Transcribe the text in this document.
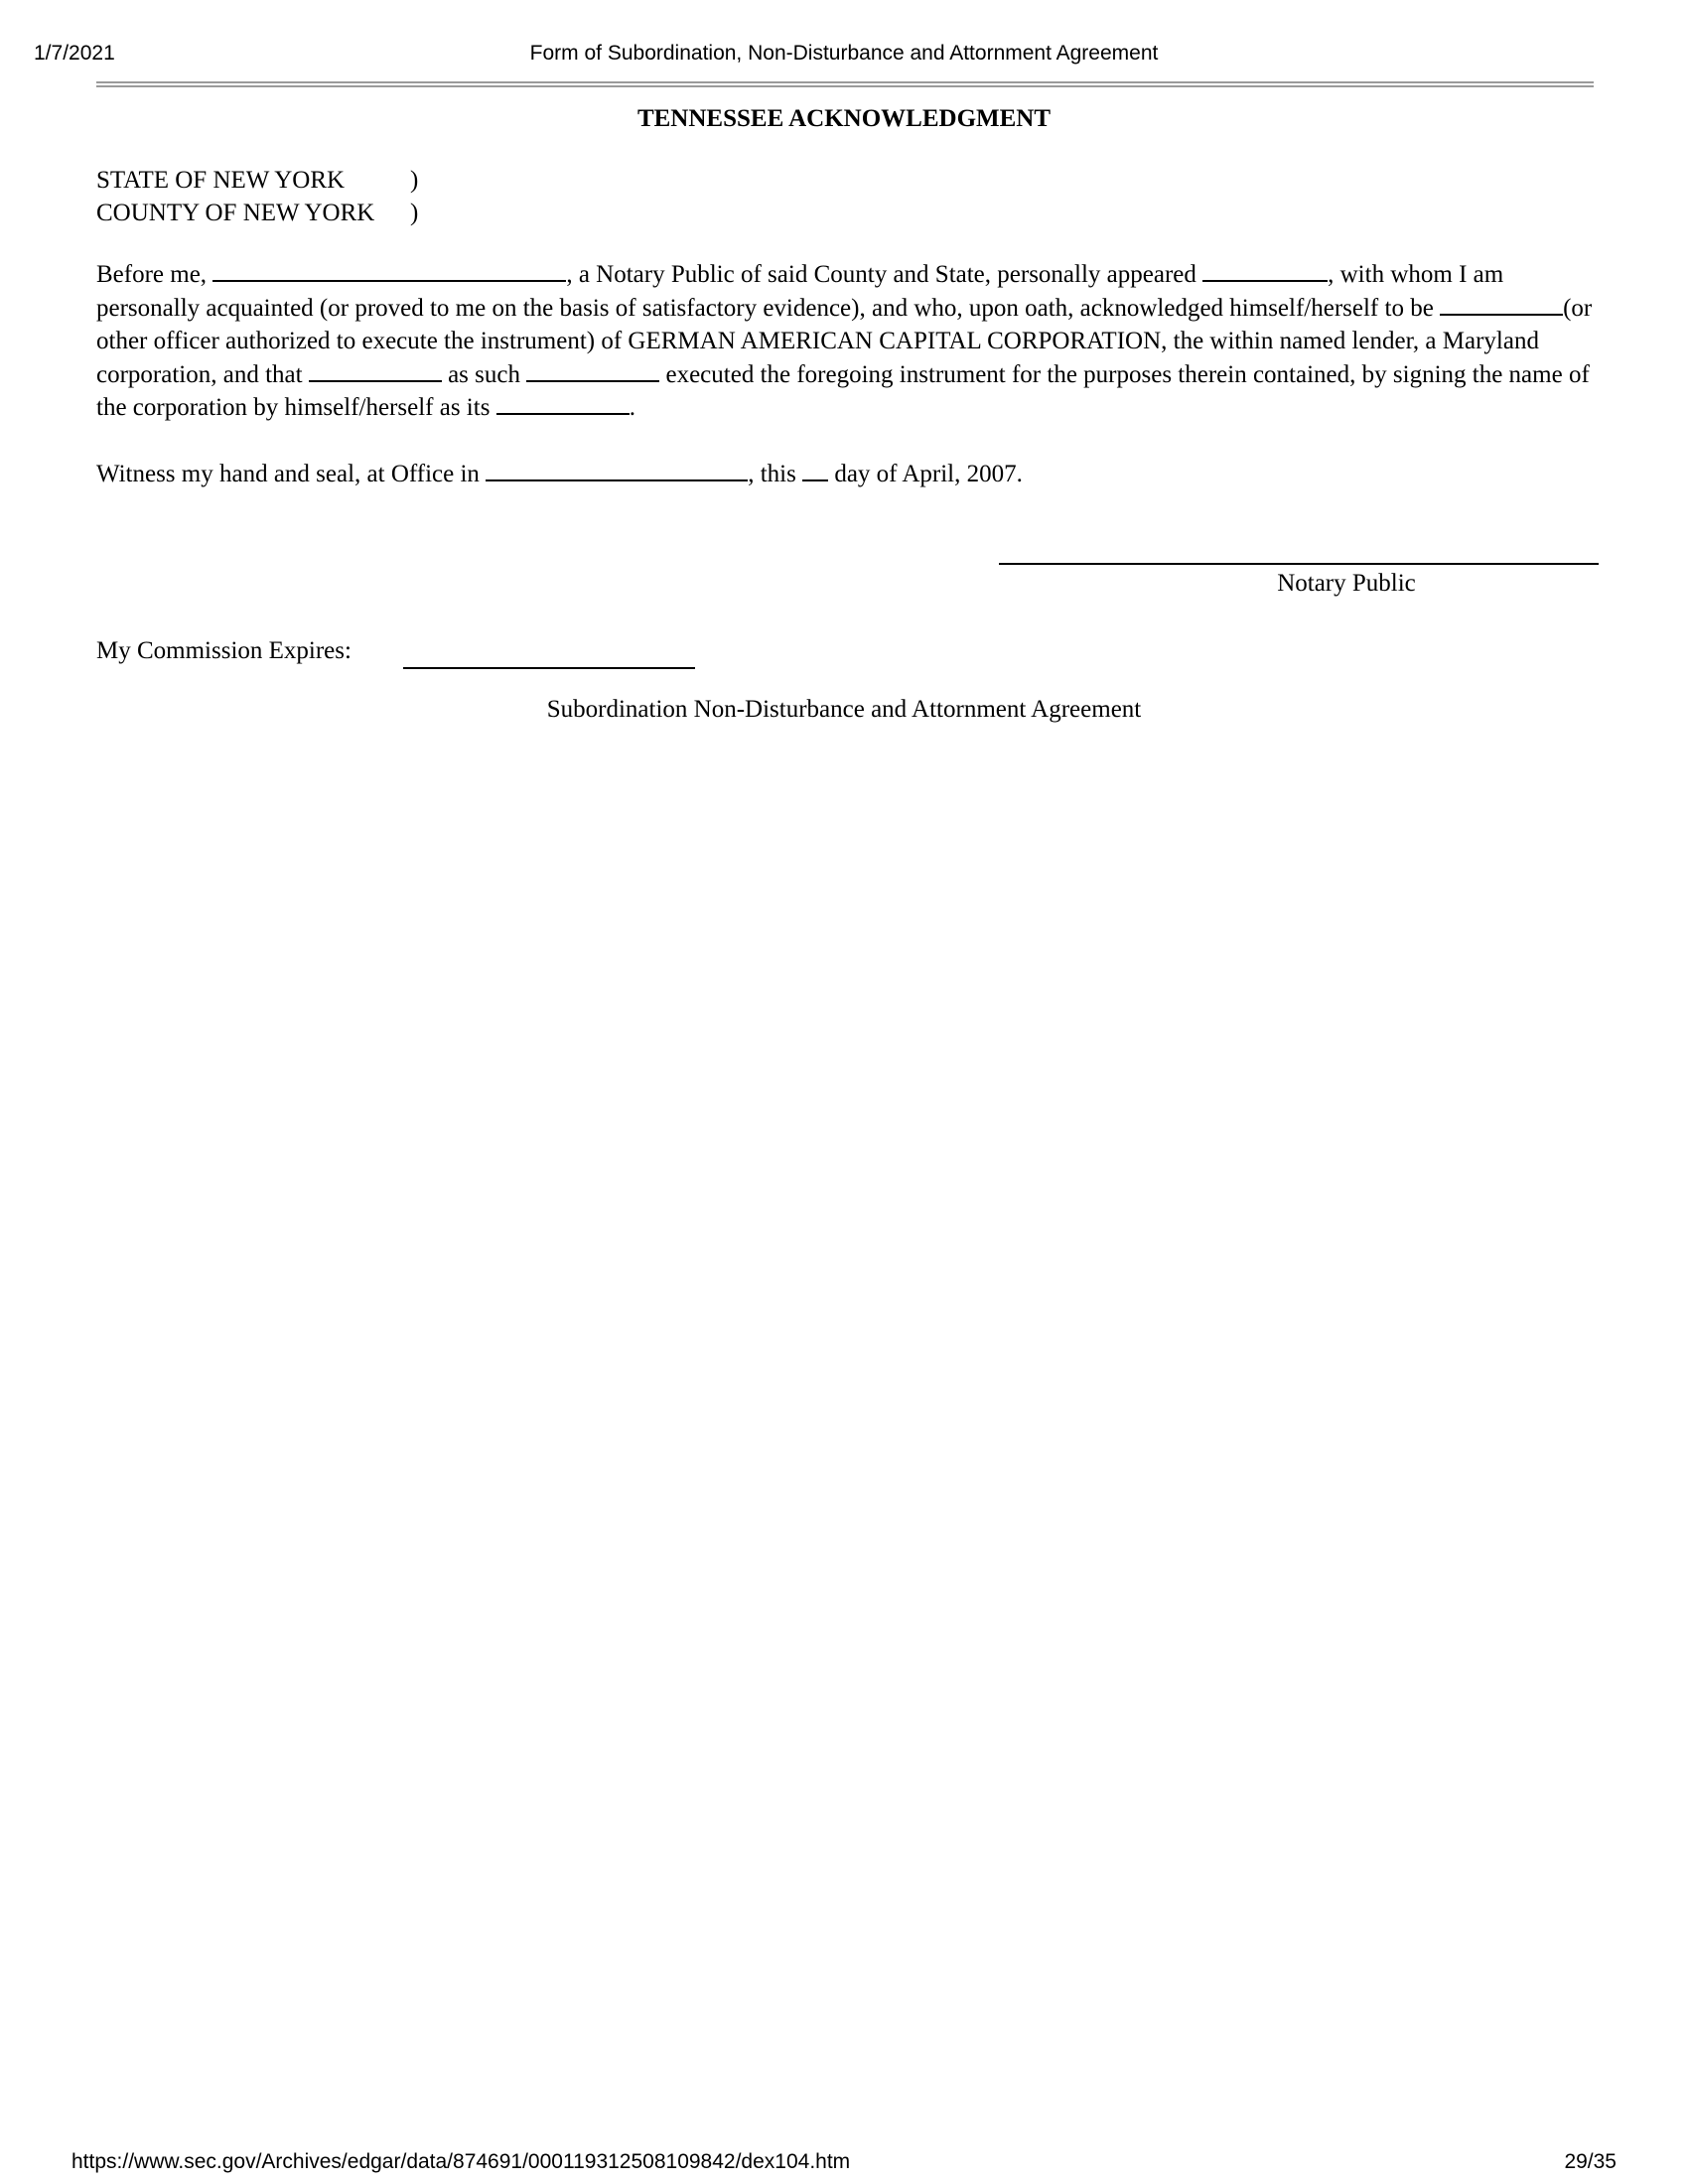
1/7/2021	Form of Subordination, Non-Disturbance and Attornment Agreement
TENNESSEE ACKNOWLEDGMENT
STATE OF NEW YORK	)
COUNTY OF NEW YORK )
Before me,	, a Notary Public of said County and State, personally appeared	, with whom I am personally acquainted (or proved to me on the basis of satisfactory evidence), and who, upon oath, acknowledged himself/herself to be	(or other officer authorized to execute the instrument) of GERMAN AMERICAN CAPITAL CORPORATION, the within named lender, a Maryland corporation, and that	as such	executed the foregoing instrument for the purposes therein contained, by signing the name of the corporation by himself/herself as its	.
Witness my hand and seal, at Office in	, this  day of April, 2007.
Notary Public
My Commission Expires:
Subordination Non-Disturbance and Attornment Agreement
https://www.sec.gov/Archives/edgar/data/874691/000119312508109842/dex104.htm	29/35
